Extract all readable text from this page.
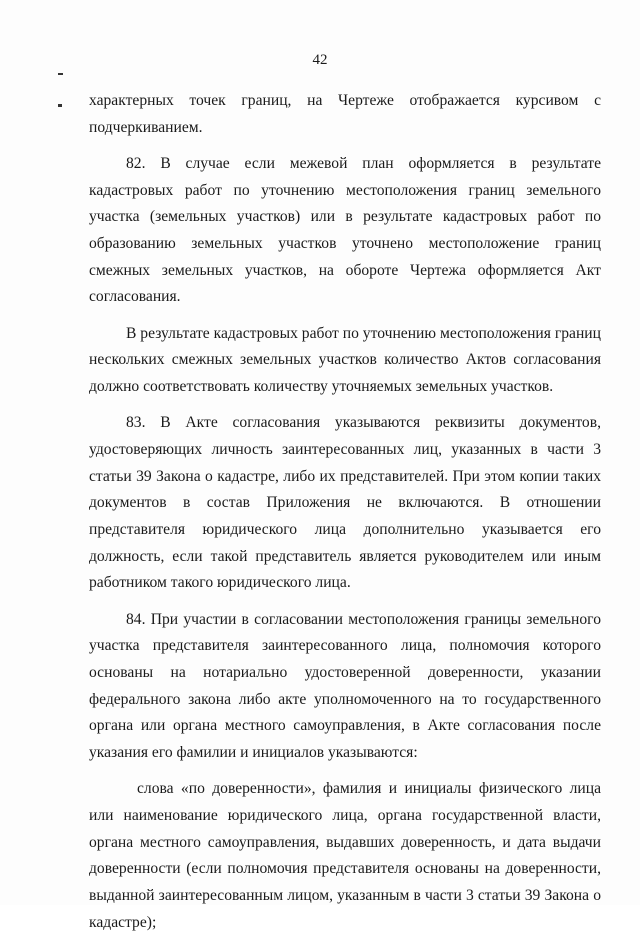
42

характерных точек границ, на Чертеже отображается курсивом с подчеркиванием.

82. В случае если межевой план оформляется в результате кадастровых работ по уточнению местоположения границ земельного участка (земельных участков) или в результате кадастровых работ по образованию земельных участков уточнено местоположение границ смежных земельных участков, на обороте Чертежа оформляется Акт согласования.

В результате кадастровых работ по уточнению местоположения границ нескольких смежных земельных участков количество Актов согласования должно соответствовать количеству уточняемых земельных участков.

83. В Акте согласования указываются реквизиты документов, удостоверяющих личность заинтересованных лиц, указанных в части 3 статьи 39 Закона о кадастре, либо их представителей. При этом копии таких документов в состав Приложения не включаются. В отношении представителя юридического лица дополнительно указывается его должность, если такой представитель является руководителем или иным работником такого юридического лица.

84. При участии в согласовании местоположения границы земельного участка представителя заинтересованного лица, полномочия которого основаны на нотариально удостоверенной доверенности, указании федерального закона либо акте уполномоченного на то государственного органа или органа местного самоуправления, в Акте согласования после указания его фамилии и инициалов указываются:

слова «по доверенности», фамилия и инициалы физического лица или наименование юридического лица, органа государственной власти, органа местного самоуправления, выдавших доверенность, и дата выдачи доверенности (если полномочия представителя основаны на доверенности, выданной заинтересованным лицом, указанным в части 3 статьи 39 Закона о кадастре);
